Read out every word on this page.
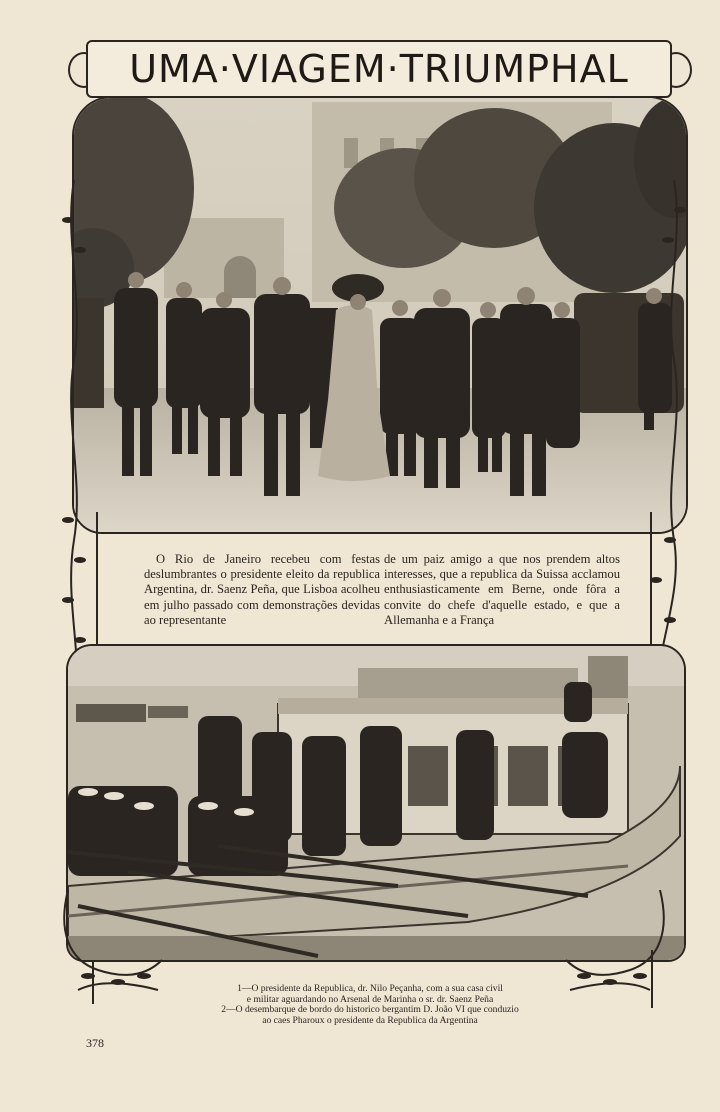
UMA·VIAGEM·TRIUMPHAL
O Rio de Janeiro recebeu com festas deslumbrantes o presidente eleito da republica Argentina, dr. Saenz Peña, que Lisboa acolheu em julho passado com demonstrações devidas ao representante
de um paiz amigo a que nos prendem altos interesses, que a republica da Suissa acclamou enthusiasticamente em Berne, onde fôra a convite do chefe d'aquelle estado, e que a Allemanha e a França
1—O presidente da Republica, dr. Nilo Peçanha, com a sua casa civil
e militar aguardando no Arsenal de Marinha o sr. dr. Saenz Peña
2—O desembarque de bordo do historico bergantim D. João VI que conduzio
ao caes Pharoux o presidente da Republica da Argentina
378
